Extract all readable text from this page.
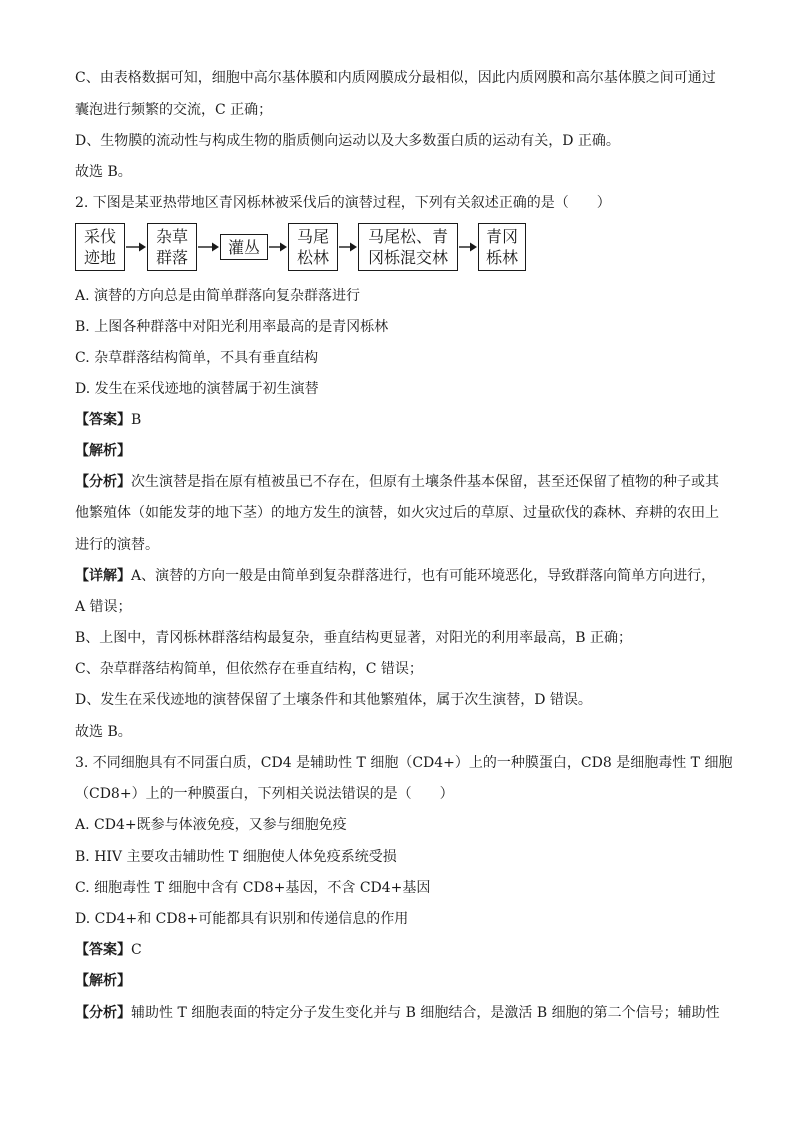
C、由表格数据可知，细胞中高尔基体膜和内质网膜成分最相似，因此内质网膜和高尔基体膜之间可通过
囊泡进行频繁的交流，C 正确；
D、生物膜的流动性与构成生物的脂质侧向运动以及大多数蛋白质的运动有关，D 正确。
故选 B。
2. 下图是某亚热带地区青冈栎林被采伐后的演替过程，下列有关叙述正确的是（　　）
A. 演替的方向总是由简单群落向复杂群落进行
B. 上图各种群落中对阳光利用率最高的是青冈栎林
C. 杂草群落结构简单，不具有垂直结构
D. 发生在采伐迹地的演替属于初生演替
【答案】B
【解析】
【分析】次生演替是指在原有植被虽已不存在，但原有土壤条件基本保留，甚至还保留了植物的种子或其
他繁殖体（如能发芽的地下茎）的地方发生的演替，如火灾过后的草原、过量砍伐的森林、弃耕的农田上
进行的演替。
【详解】A、演替的方向一般是由简单到复杂群落进行，也有可能环境恶化，导致群落向简单方向进行，
A 错误；
B、上图中，青冈栎林群落结构最复杂，垂直结构更显著，对阳光的利用率最高，B 正确；
C、杂草群落结构简单，但依然存在垂直结构，C 错误；
D、发生在采伐迹地的演替保留了土壤条件和其他繁殖体，属于次生演替，D 错误。
故选 B。
3. 不同细胞具有不同蛋白质，CD4 是辅助性 T 细胞（CD4+）上的一种膜蛋白，CD8 是细胞毒性 T 细胞
（CD8+）上的一种膜蛋白，下列相关说法错误的是（　　）
A. CD4+既参与体液免疫，又参与细胞免疫
B. HIV 主要攻击辅助性 T 细胞使人体免疫系统受损
C. 细胞毒性 T 细胞中含有 CD8+基因，不含 CD4+基因
D. CD4+和 CD8+可能都具有识别和传递信息的作用
【答案】C
【解析】
【分析】辅助性 T 细胞表面的特定分子发生变化并与 B 细胞结合，是激活 B 细胞的第二个信号；辅助性
采伐
迹地
杂草
群落
灌丛
马尾
松林
马尾松、青
冈栎混交林
青冈
栎林
